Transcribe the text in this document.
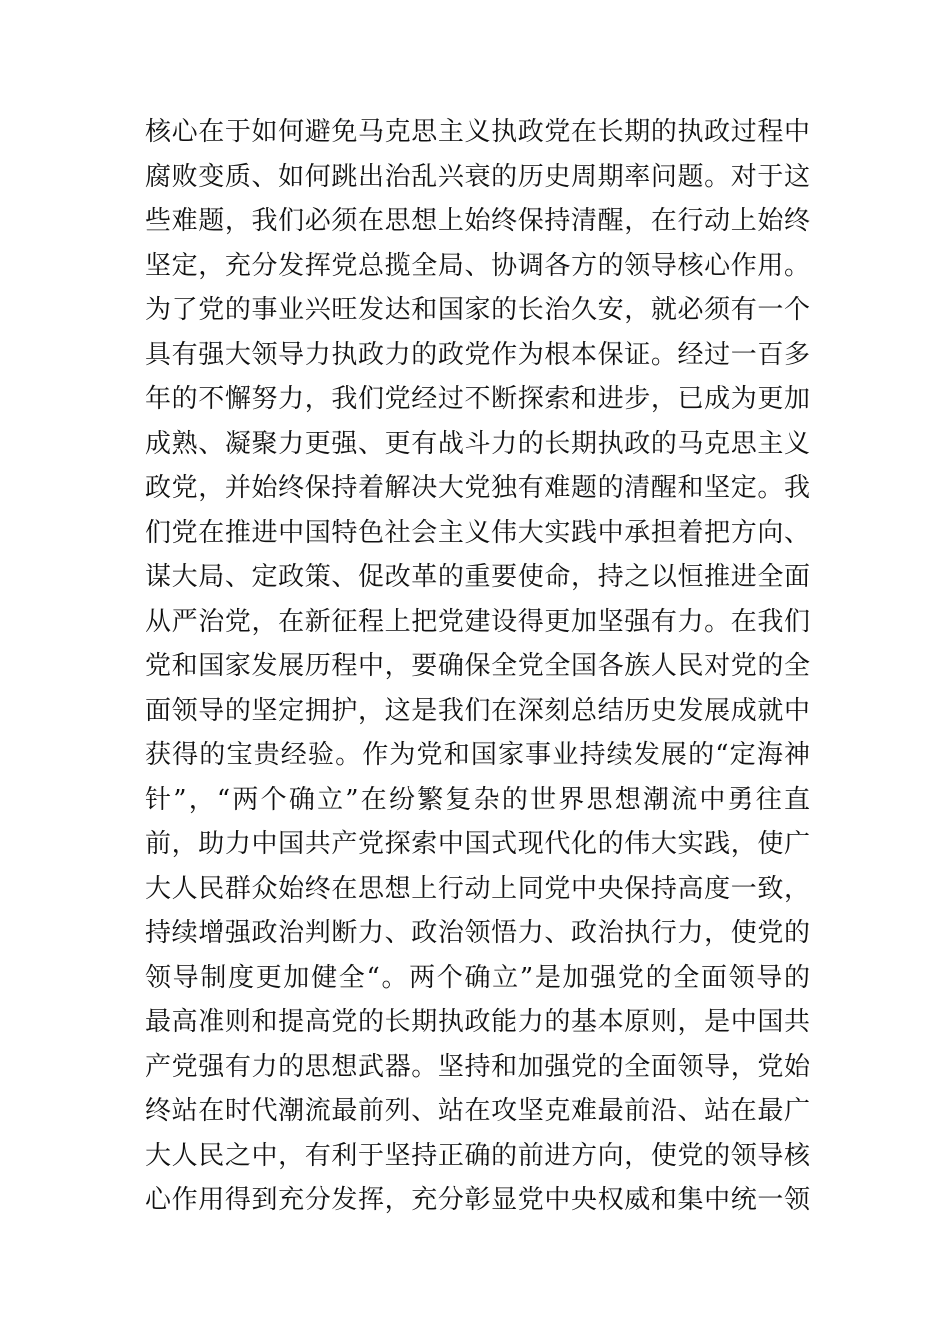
核心在于如何避免马克思主义执政党在长期的执政过程中
腐败变质、如何跳出治乱兴衰的历史周期率问题。对于这
些难题，我们必须在思想上始终保持清醒，在行动上始终
坚定，充分发挥党总揽全局、协调各方的领导核心作用。
为了党的事业兴旺发达和国家的长治久安，就必须有一个
具有强大领导力执政力的政党作为根本保证。经过一百多
年的不懈努力，我们党经过不断探索和进步，已成为更加
成熟、凝聚力更强、更有战斗力的长期执政的马克思主义
政党，并始终保持着解决大党独有难题的清醒和坚定。我
们党在推进中国特色社会主义伟大实践中承担着把方向、
谋大局、定政策、促改革的重要使命，持之以恒推进全面
从严治党，在新征程上把党建设得更加坚强有力。在我们
党和国家发展历程中，要确保全党全国各族人民对党的全
面领导的坚定拥护，这是我们在深刻总结历史发展成就中
获得的宝贵经验。作为党和国家事业持续发展的“定海神
针”，“两个确立”在纷繁复杂的世界思想潮流中勇往直
前，助力中国共产党探索中国式现代化的伟大实践，使广
大人民群众始终在思想上行动上同党中央保持高度一致，
持续增强政治判断力、政治领悟力、政治执行力，使党的
领导制度更加健全“。两个确立”是加强党的全面领导的
最高准则和提高党的长期执政能力的基本原则，是中国共
产党强有力的思想武器。坚持和加强党的全面领导，党始
终站在时代潮流最前列、站在攻坚克难最前沿、站在最广
大人民之中，有利于坚持正确的前进方向，使党的领导核
心作用得到充分发挥，充分彰显党中央权威和集中统一领
